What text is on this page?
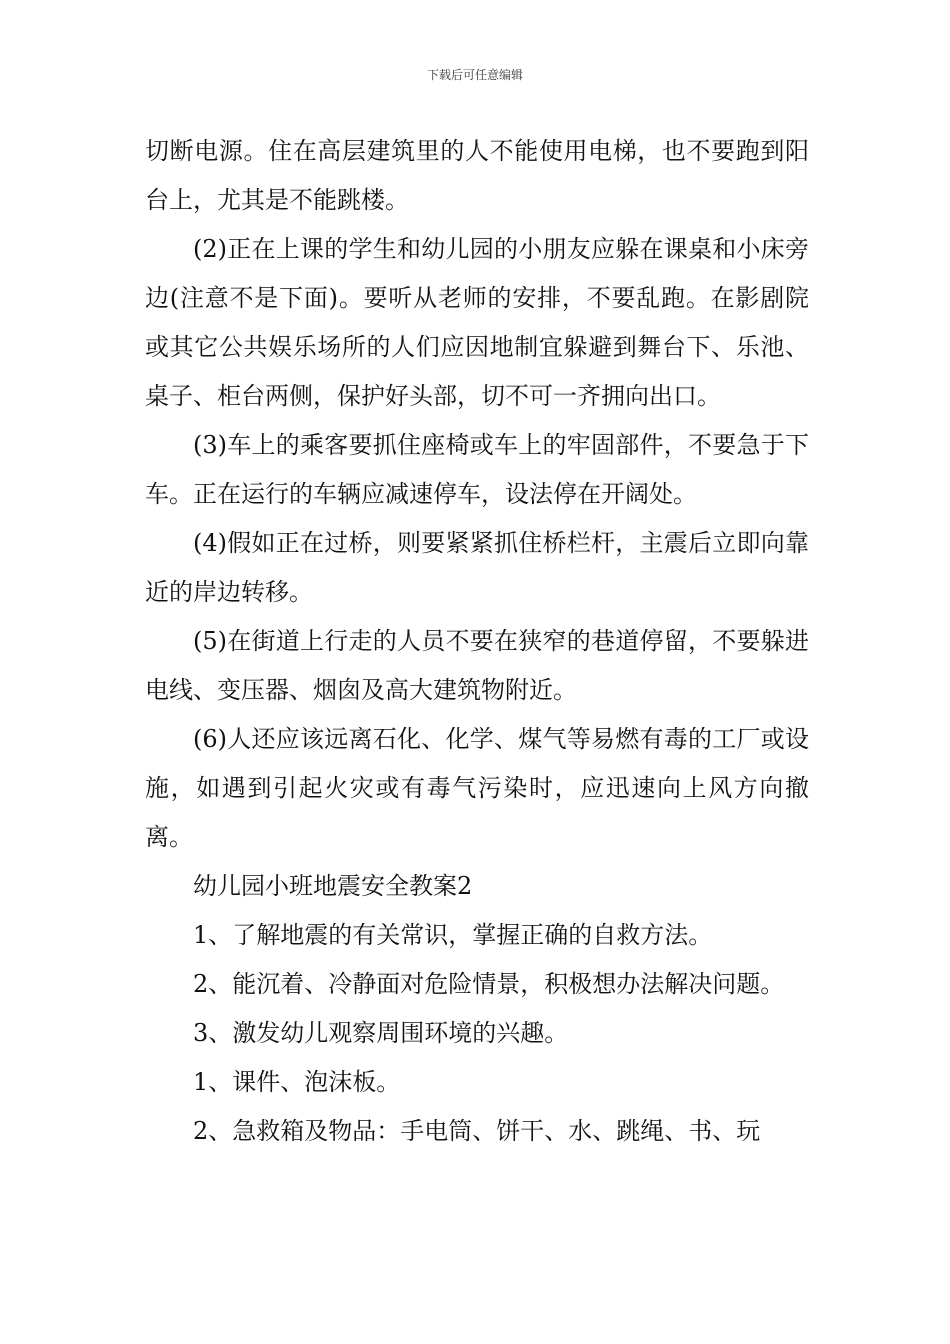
下载后可任意编辑

切断电源。住在高层建筑里的人不能使用电梯，也不要跑到阳台上，尤其是不能跳楼。

(2)正在上课的学生和幼儿园的小朋友应躲在课桌和小床旁边(注意不是下面)。要听从老师的安排，不要乱跑。在影剧院或其它公共娱乐场所的人们应因地制宜躲避到舞台下、乐池、桌子、柜台两侧，保护好头部，切不可一齐拥向出口。

(3)车上的乘客要抓住座椅或车上的牢固部件，不要急于下车。正在运行的车辆应减速停车，设法停在开阔处。

(4)假如正在过桥，则要紧紧抓住桥栏杆，主震后立即向靠近的岸边转移。

(5)在街道上行走的人员不要在狭窄的巷道停留，不要躲进电线、变压器、烟囱及高大建筑物附近。

(6)人还应该远离石化、化学、煤气等易燃有毒的工厂或设施，如遇到引起火灾或有毒气污染时，应迅速向上风方向撤离。

幼儿园小班地震安全教案2

1、了解地震的有关常识，掌握正确的自救方法。

2、能沉着、冷静面对危险情景，积极想办法解决问题。

3、激发幼儿观察周围环境的兴趣。

1、课件、泡沫板。

2、急救箱及物品：手电筒、饼干、水、跳绳、书、玩
